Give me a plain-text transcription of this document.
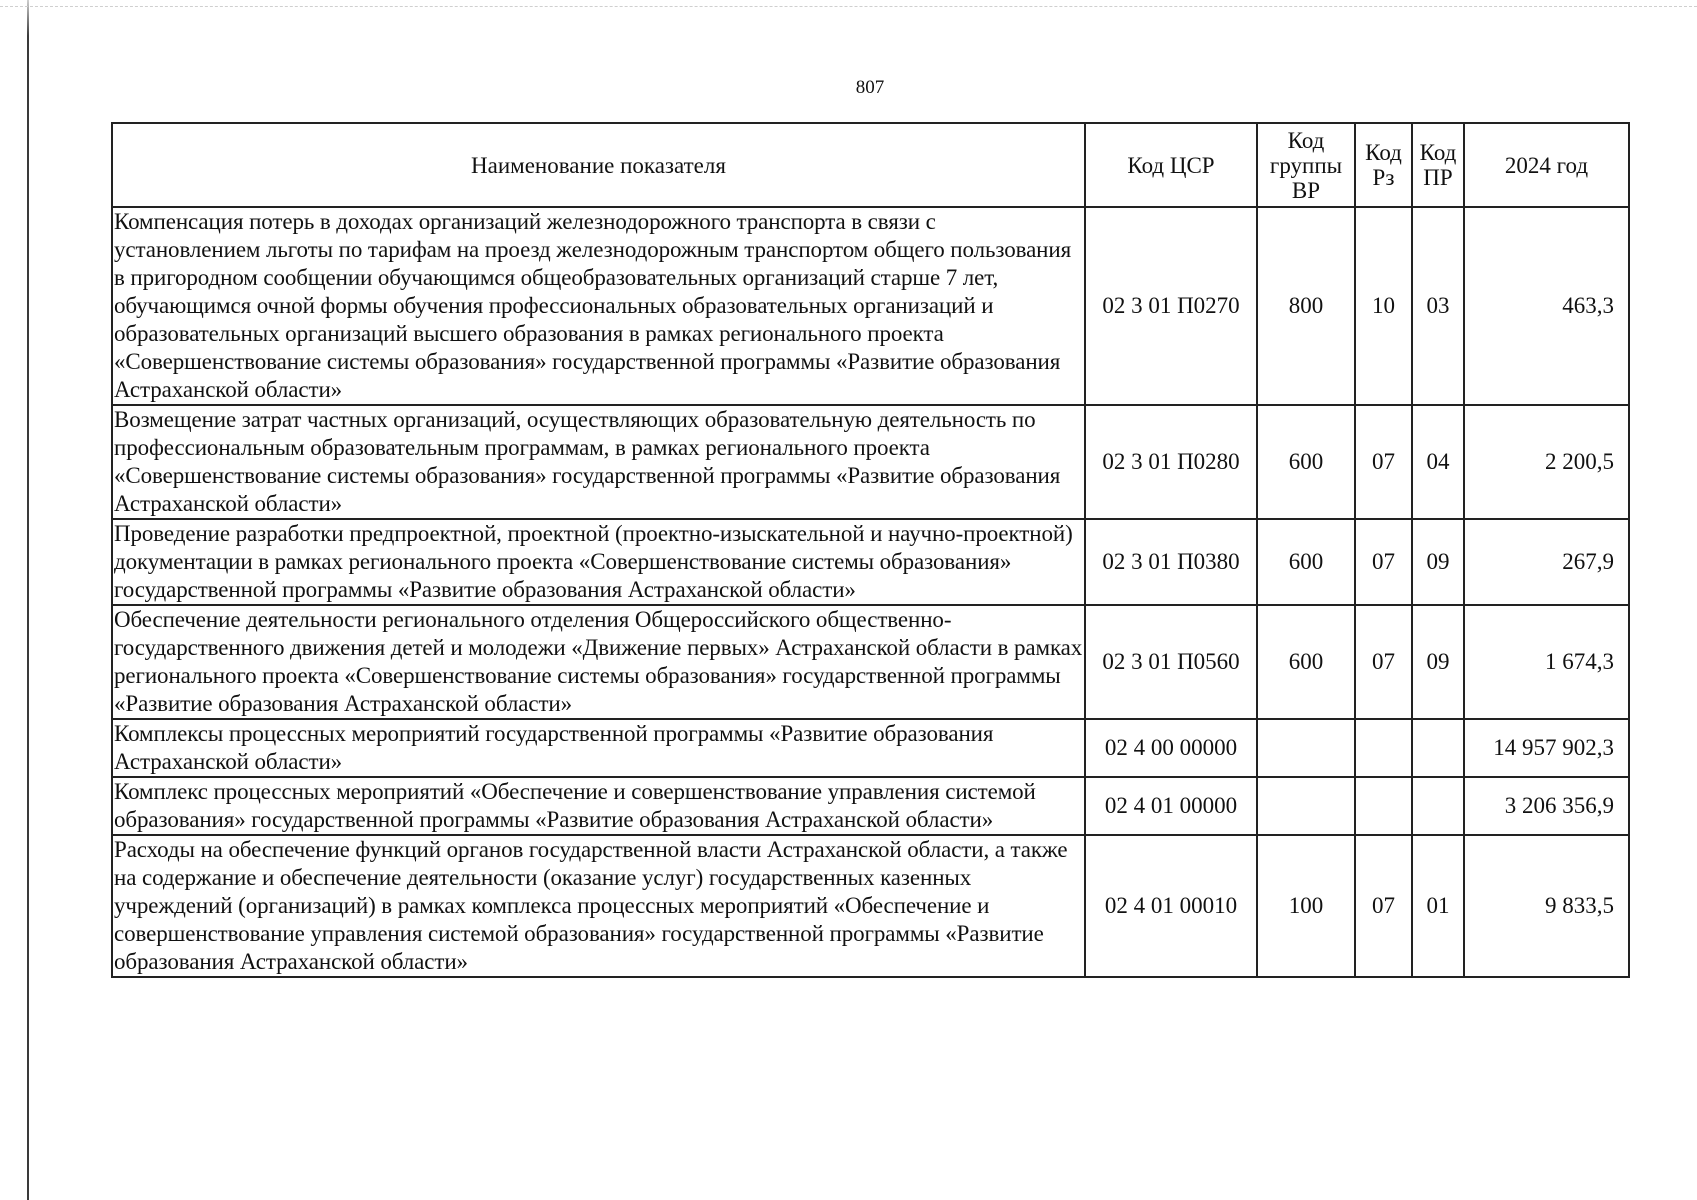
807
Наименование показателя	Код ЦСР	Код группы ВР	Код Рз	Код ПР	2024 год
Компенсация потерь в доходах организаций железнодорожного транспорта в связи с установлением льготы по тарифам на проезд железнодорожным транспортом общего пользования в пригородном сообщении обучающимся общеобразовательных организаций старше 7 лет, обучающимся очной формы обучения профессиональных образовательных организаций и образовательных организаций высшего образования в рамках регионального проекта «Совершенствование системы образования» государственной программы «Развитие образования Астраханской области»	02 3 01 П0270	800	10	03	463,3
Возмещение затрат частных организаций, осуществляющих образовательную деятельность по профессиональным образовательным программам, в рамках регионального проекта «Совершенствование системы образования» государственной программы «Развитие образования Астраханской области»	02 3 01 П0280	600	07	04	2 200,5
Проведение разработки предпроектной, проектной (проектно-изыскательной и научно-проектной) документации в рамках регионального проекта «Совершенствование системы образования» государственной программы «Развитие образования Астраханской области»	02 3 01 П0380	600	07	09	267,9
Обеспечение деятельности регионального отделения Общероссийского общественно-государственного движения детей и молодежи «Движение первых» Астраханской области в рамках регионального проекта «Совершенствование системы образования» государственной программы «Развитие образования Астраханской области»	02 3 01 П0560	600	07	09	1 674,3
Комплексы процессных мероприятий государственной программы «Развитие образования Астраханской области»	02 4 00 00000				14 957 902,3
Комплекс процессных мероприятий «Обеспечение и совершенствование управления системой образования» государственной программы «Развитие образования Астраханской области»	02 4 01 00000				3 206 356,9
Расходы на обеспечение функций органов государственной власти Астраханской области, а также на содержание и обеспечение деятельности (оказание услуг) государственных казенных учреждений (организаций) в рамках комплекса процессных мероприятий «Обеспечение и совершенствование управления системой образования» государственной программы «Развитие образования Астраханской области»	02 4 01 00010	100	07	01	9 833,5
